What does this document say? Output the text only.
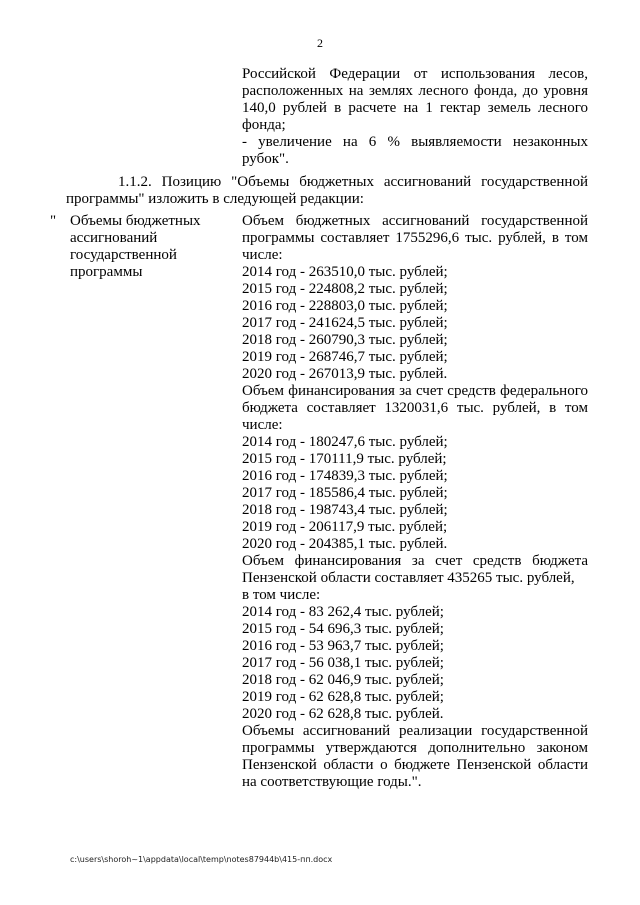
2

Российской Федерации от использования лесов,

расположенных на землях лесного фонда, до уровня

140,0 рублей в расчете на 1 гектар земель лесного

фонда;

- увеличение на 6 % выявляемости незаконных

рубок".

1.1.2. Позицию "Объемы бюджетных ассигнований государственной программы" изложить в следующей редакции:

" Объемы бюджетных
ассигнований
государственной
программы

Объем бюджетных ассигнований государственной

программы составляет 1755296,6 тыс. рублей, в том

числе:

2014 год - 263510,0 тыс. рублей;
2015 год - 224808,2 тыс. рублей;
2016 год - 228803,0 тыс. рублей;
2017 год - 241624,5 тыс. рублей;
2018 год - 260790,3 тыс. рублей;
2019 год - 268746,7 тыс. рублей;
2020 год - 267013,9 тыс. рублей.

Объем финансирования за счет средств федерального

бюджета составляет 1320031,6 тыс. рублей, в том

числе:

2014 год - 180247,6 тыс. рублей;
2015 год - 170111,9 тыс. рублей;
2016 год - 174839,3 тыс. рублей;
2017 год - 185586,4 тыс. рублей;
2018 год - 198743,4 тыс. рублей;
2019 год - 206117,9 тыс. рублей;
2020 год - 204385,1 тыс. рублей.

Объем финансирования за счет средств бюджета

Пензенской области составляет 435265 тыс. рублей,

в том числе:

2014 год - 83 262,4 тыс. рублей;
2015 год - 54 696,3 тыс. рублей;
2016 год - 53 963,7 тыс. рублей;
2017 год - 56 038,1 тыс. рублей;
2018 год - 62 046,9 тыс. рублей;
2019 год - 62 628,8 тыс. рублей;
2020 год - 62 628,8 тыс. рублей.

Объемы ассигнований реализации государственной

программы утверждаются дополнительно законом

Пензенской области о бюджете Пензенской области

на соответствующие годы.".

c:\users\shoroh~1\appdata\local\temp\notes87944b\415-пп.docx
